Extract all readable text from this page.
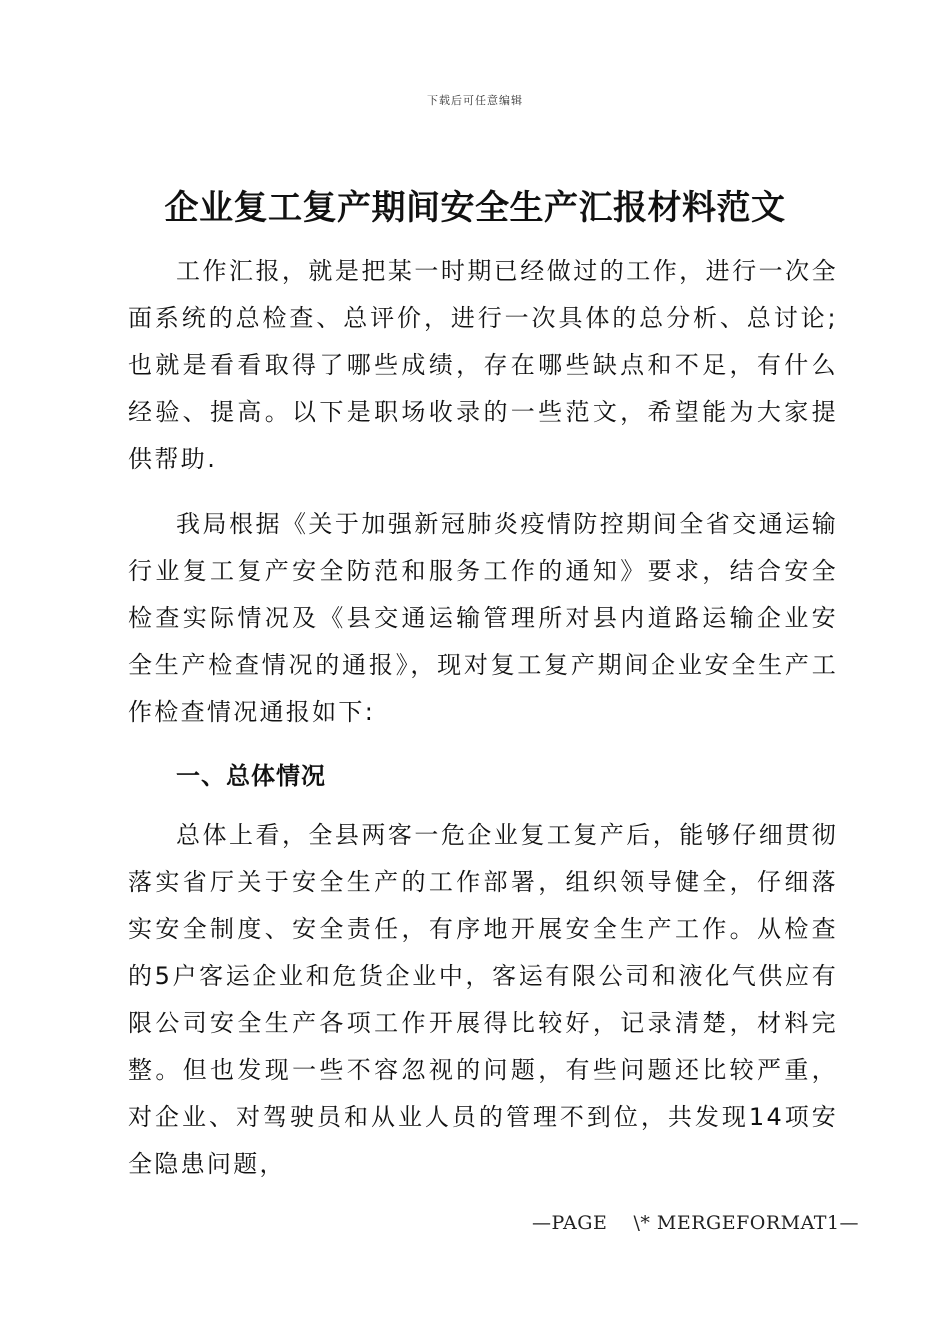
下载后可任意编辑
企业复工复产期间安全生产汇报材料范文

工作汇报，就是把某一时期已经做过的工作，进行一次全面系统的总检查、总评价，进行一次具体的总分析、总讨论;也就是看看取得了哪些成绩，存在哪些缺点和不足，有什么经验、提高。以下是职场收录的一些范文，希望能为大家提供帮助.

我局根据《关于加强新冠肺炎疫情防控期间全省交通运输行业复工复产安全防范和服务工作的通知》要求，结合安全检查实际情况及《县交通运输管理所对县内道路运输企业安全生产检查情况的通报》，现对复工复产期间企业安全生产工作检查情况通报如下:

一、总体情况

总体上看，全县两客一危企业复工复产后，能够仔细贯彻落实省厅关于安全生产的工作部署，组织领导健全，仔细落实安全制度、安全责任，有序地开展安全生产工作。从检查的5户客运企业和危货企业中，客运有限公司和液化气供应有限公司安全生产各项工作开展得比较好，记录清楚，材料完整。但也发现一些不容忽视的问题，有些问题还比较严重，对企业、对驾驶员和从业人员的管理不到位，共发现14项安全隐患问题，

—PAGE    \* MERGEFORMAT1—
